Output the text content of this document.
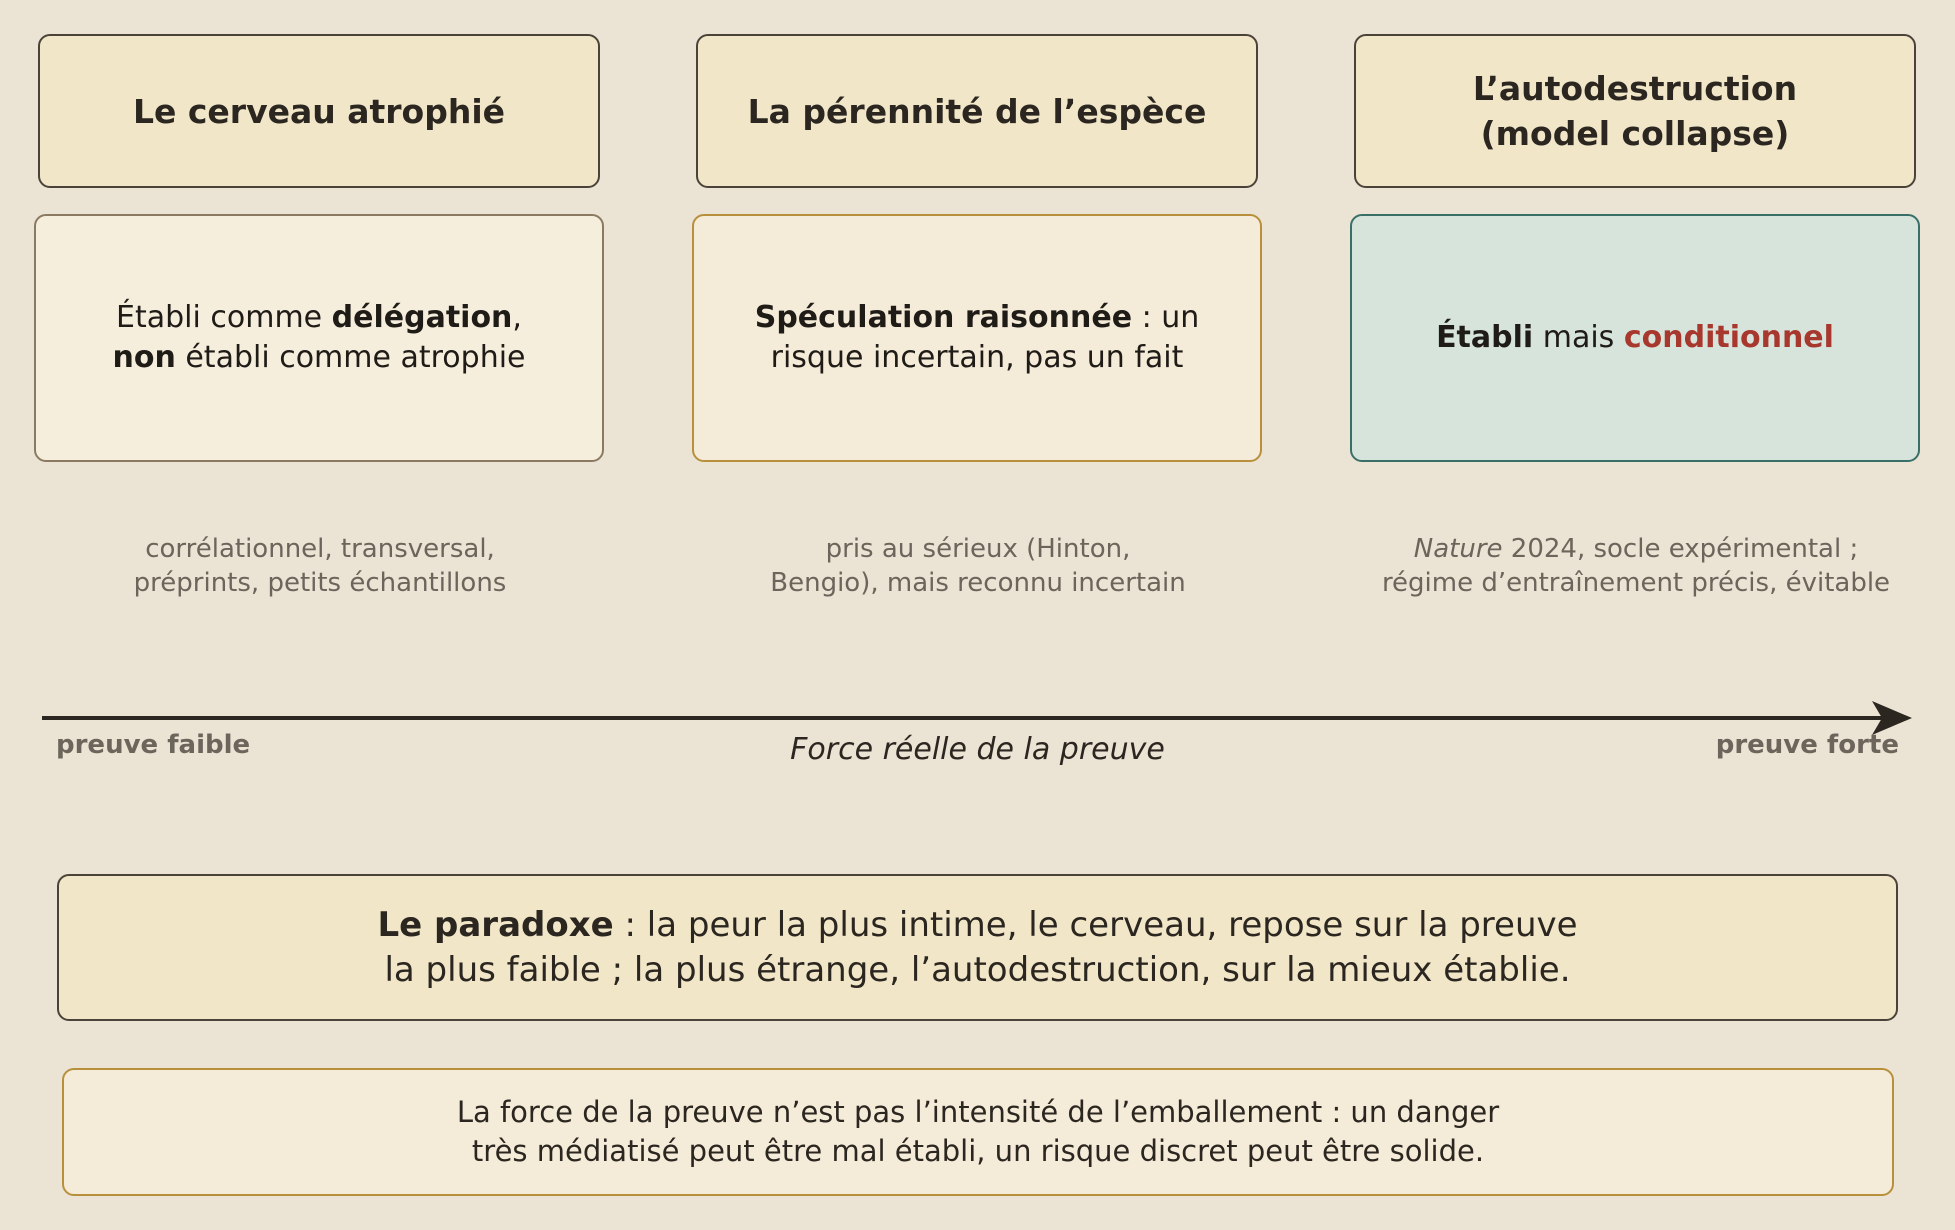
Le cerveau atrophié	La pérennité de l’espèce
L’autodestruction
(model collapse)
Établi comme délégation,
non établi comme atrophie
Spéculation raisonnée : un
risque incertain, pas un fait
Établi mais conditionnel
corrélationnel, transversal,
préprints, petits échantillons
pris au sérieux (Hinton,
Bengio), mais reconnu incertain
Nature 2024, socle expérimental ;
régime d’entraînement précis, évitable
preuve faible	preuve forte
Force réelle de la preuve
Le paradoxe : la peur la plus intime, le cerveau, repose sur la preuve
la plus faible ; la plus étrange, l’autodestruction, sur la mieux établie.
La force de la preuve n’est pas l’intensité de l’emballement : un danger
très médiatisé peut être mal établi, un risque discret peut être solide.
